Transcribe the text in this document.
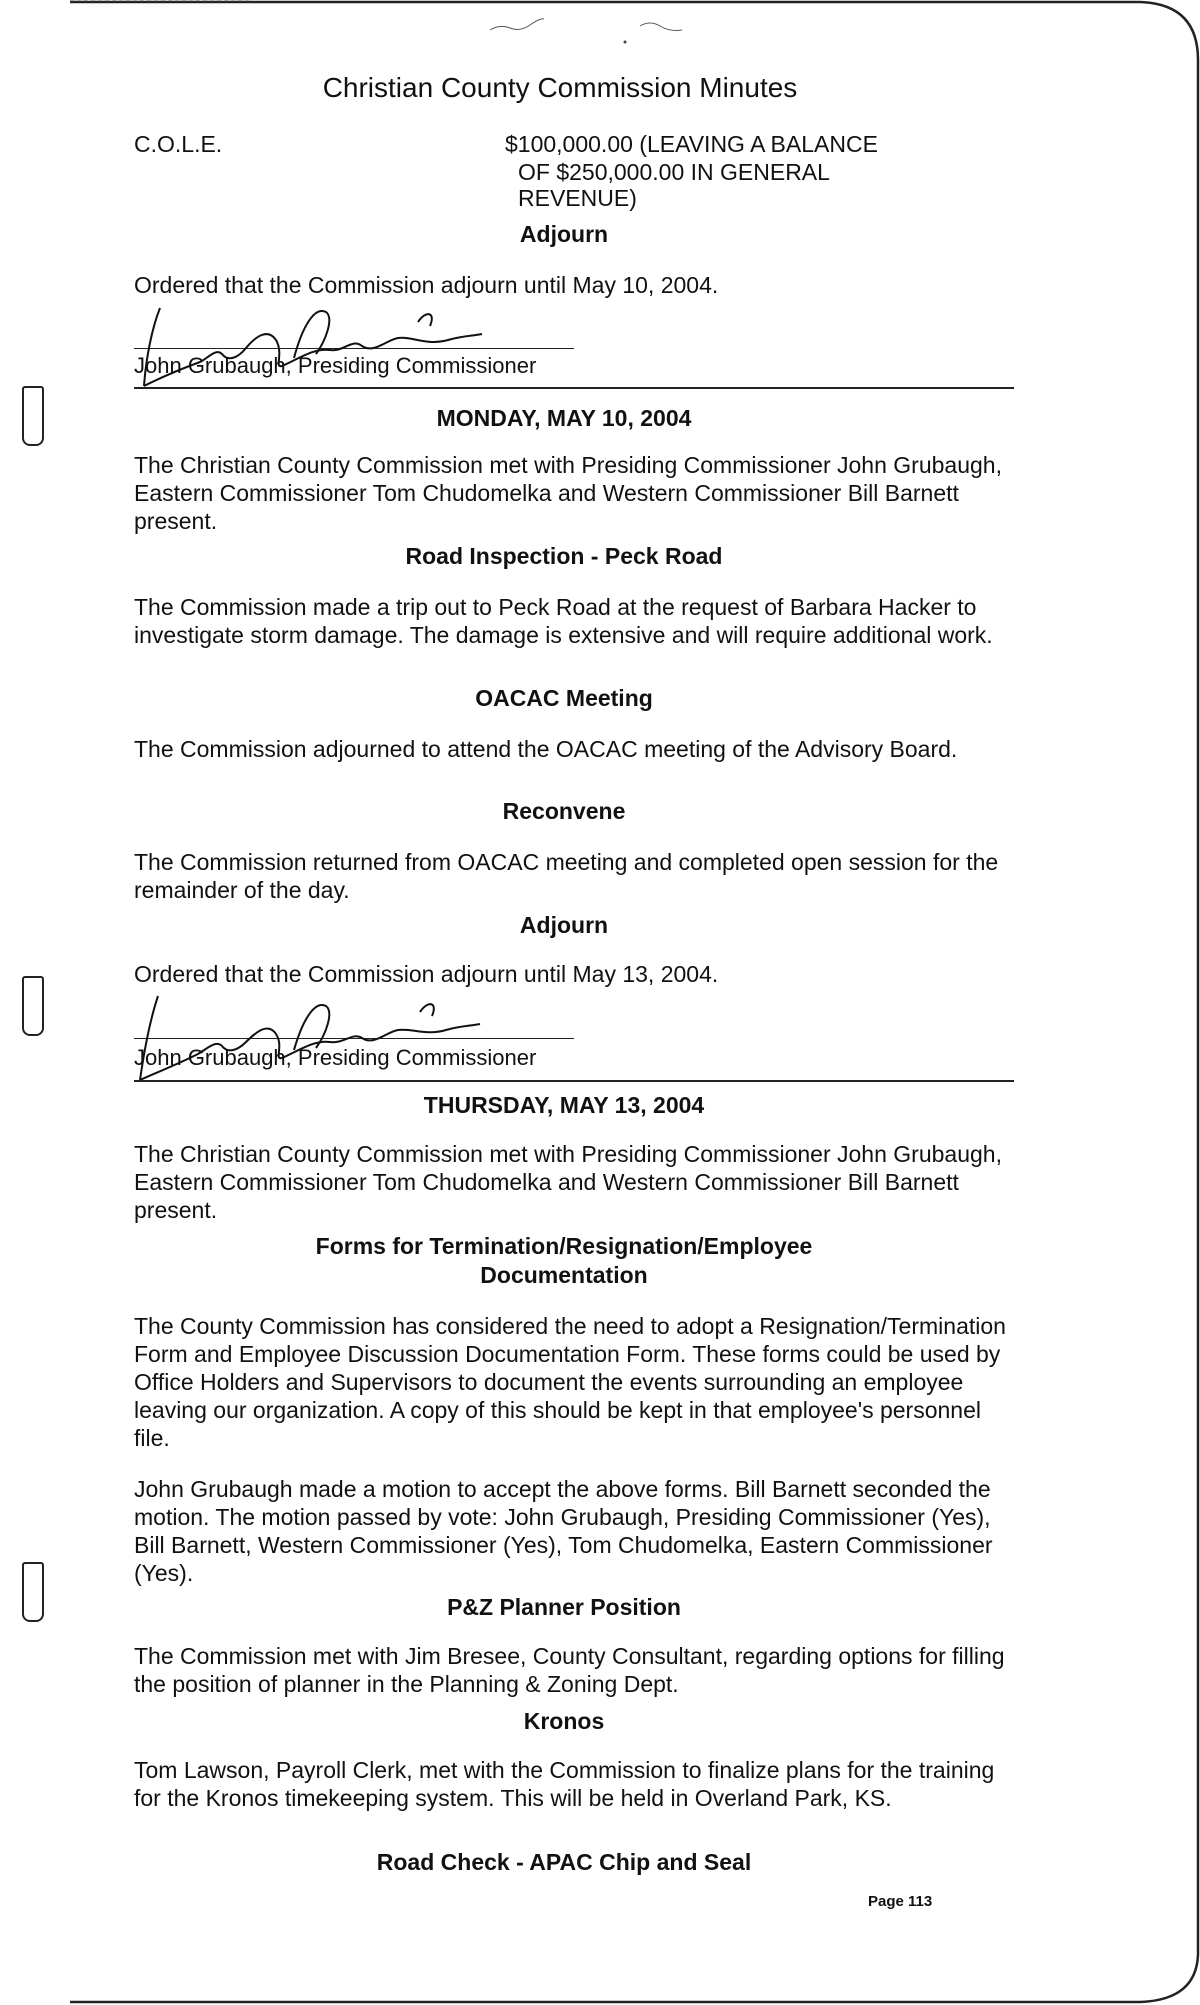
Christian County Commission Minutes

C.O.L.E.	$100,000.00 (LEAVING A BALANCE

OF $250,000.00 IN GENERAL

REVENUE)

Adjourn

Ordered that the Commission adjourn until May 10, 2004.

John Grubaugh, Presiding Commissioner

MONDAY, MAY 10, 2004

The Christian County Commission met with Presiding Commissioner John Grubaugh, Eastern Commissioner Tom Chudomelka and Western Commissioner Bill Barnett present.

Road Inspection - Peck Road

The Commission made a trip out to Peck Road at the request of Barbara Hacker to investigate storm damage. The damage is extensive and will require additional work.

OACAC Meeting

The Commission adjourned to attend the OACAC meeting of the Advisory Board.

Reconvene

The Commission returned from OACAC meeting and completed open session for the remainder of the day.

Adjourn

Ordered that the Commission adjourn until May 13, 2004.

John Grubaugh, Presiding Commissioner

THURSDAY, MAY 13, 2004

The Christian County Commission met with Presiding Commissioner John Grubaugh, Eastern Commissioner Tom Chudomelka and Western Commissioner Bill Barnett present.

Forms for Termination/Resignation/Employee

Documentation

The County Commission has considered the need to adopt a Resignation/Termination Form and Employee Discussion Documentation Form. These forms could be used by Office Holders and Supervisors to document the events surrounding an employee leaving our organization. A copy of this should be kept in that employee's personnel file.

John Grubaugh made a motion to accept the above forms. Bill Barnett seconded the motion. The motion passed by vote: John Grubaugh, Presiding Commissioner (Yes), Bill Barnett, Western Commissioner (Yes), Tom Chudomelka, Eastern Commissioner (Yes).

P&Z Planner Position

The Commission met with Jim Bresee, County Consultant, regarding options for filling the position of planner in the Planning & Zoning Dept.

Kronos

Tom Lawson, Payroll Clerk, met with the Commission to finalize plans for the training for the Kronos timekeeping system. This will be held in Overland Park, KS.

Road Check - APAC Chip and Seal

Page 113
